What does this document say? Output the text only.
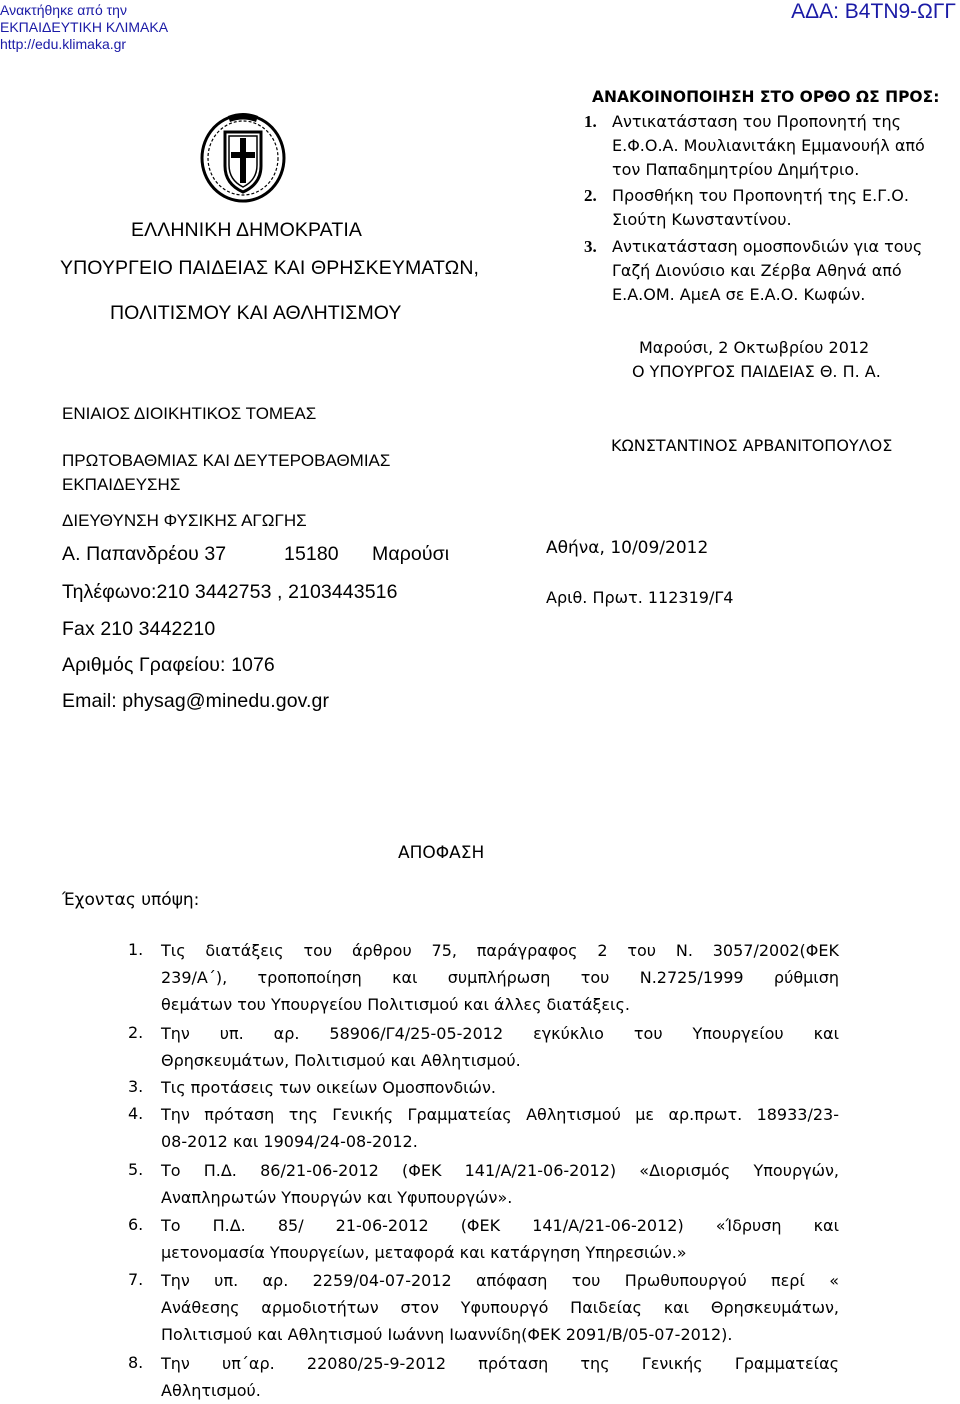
Ανακτήθηκε από την
ΕΚΠΑΙΔΕΥΤΙΚΗ ΚΛΙΜΑΚΑ
http://edu.klimaka.gr
ΑΔΑ: Β4ΤΝ9-ΩΓΓ
ΕΛΛΗΝΙΚΗ ΔΗΜΟΚΡΑΤΙΑ
ΥΠΟΥΡΓΕΙΟ ΠΑΙΔΕΙΑΣ ΚΑΙ ΘΡΗΣΚΕΥΜΑΤΩΝ,
ΠΟΛΙΤΙΣΜΟΥ ΚΑΙ ΑΘΛΗΤΙΣΜΟΥ
ΕΝΙΑΙΟΣ ΔΙΟΙΚΗΤΙΚΟΣ ΤΟΜΕΑΣ
ΠΡΩΤΟΒΑΘΜΙΑΣ ΚΑΙ ΔΕΥΤΕΡΟΒΑΘΜΙΑΣ
ΕΚΠΑΙΔΕΥΣΗΣ
ΔΙΕΥΘΥΝΣΗ ΦΥΣΙΚΗΣ ΑΓΩΓΗΣ
Α. Παπανδρέου 37	15180 Μαρούσι
Τηλέφωνο:210 3442753 , 2103443516
Fax 210 3442210
Αριθμός Γραφείου: 1076
Email: physag@minedu.gov.gr
ΑΝΑΚΟΙΝΟΠΟΙΗΣΗ ΣΤΟ ΟΡΘΟ ΩΣ ΠΡΟΣ:
1. Αντικατάσταση του Προπονητή της
Ε.Φ.Ο.Α. Μουλιανιτάκη Εμμανουήλ από
τον Παπαδημητρίου Δημήτριο.
2. Προσθήκη του Προπονητή της Ε.Γ.Ο.
Σιούτη Κωνσταντίνου.
3. Αντικατάσταση ομοσπονδιών για τους
Γαζή Διονύσιο και Ζέρβα Αθηνά από
Ε.Α.ΟΜ. ΑμεΑ σε Ε.Α.Ο. Κωφών.
Μαρούσι, 2 Οκτωβρίου 2012
Ο ΥΠΟΥΡΓΟΣ ΠΑΙΔΕΙΑΣ Θ. Π. Α.
ΚΩΝΣΤΑΝΤΙΝΟΣ ΑΡΒΑΝΙΤΟΠΟΥΛΟΣ
Αθήνα, 10/09/2012
Αριθ. Πρωτ. 112319/Γ4
ΑΠΟΦΑΣΗ
Έχοντας υπόψη:
1.	Τις διατάξεις του άρθρου 75, παράγραφος 2 του Ν. 3057/2002(ΦΕΚ
239/Α΄), τροποποίηση και συμπλήρωση του Ν.2725/1999 ρύθμιση
θεμάτων του Υπουργείου Πολιτισμού και άλλες διατάξεις.
2.	Την υπ. αρ. 58906/Γ4/25-05-2012 εγκύκλιο του Υπουργείου και
Θρησκευμάτων, Πολιτισμού και Αθλητισμού.
3.	Τις προτάσεις των οικείων Ομοσπονδιών.
4.	Την πρόταση της Γενικής Γραμματείας Αθλητισμού με αρ.πρωτ. 18933/23-
08-2012 και 19094/24-08-2012.
5.	Το Π.Δ. 86/21-06-2012 (ΦΕΚ 141/Α/21-06-2012) «Διορισμός Υπουργών,
Αναπληρωτών Υπουργών και Υφυπουργών».
6.	Το Π.Δ. 85/ 21-06-2012 (ΦΕΚ 141/Α/21-06-2012) «Ίδρυση και
μετονομασία Υπουργείων, μεταφορά και κατάργηση Υπηρεσιών.»
7.	Την υπ. αρ. 2259/04-07-2012 απόφαση του Πρωθυπουργού περί «
Ανάθεσης αρμοδιοτήτων στον Υφυπουργό Παιδείας και Θρησκευμάτων,
Πολιτισμού και Αθλητισμού Ιωάννη Ιωαννίδη(ΦΕΚ 2091/Β/05-07-2012).
8.	Την υπ΄αρ. 22080/25-9-2012 πρόταση της Γενικής Γραμματείας
Αθλητισμού.
